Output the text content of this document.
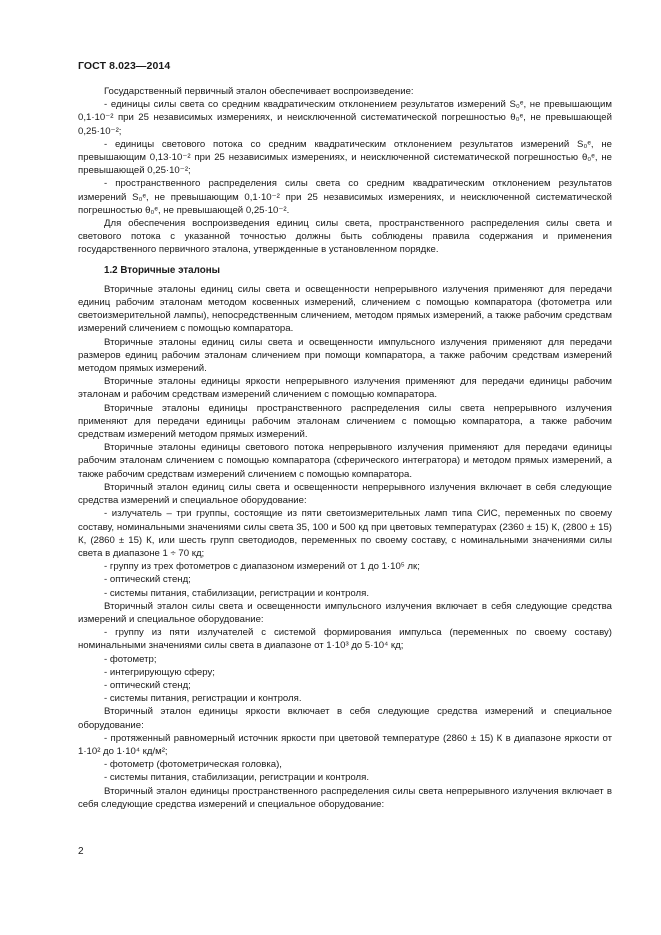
ГОСТ 8.023—2014

Государственный первичный эталон обеспечивает воспроизведение:

- единицы силы света со средним квадратическим отклонением результатов измерений S₀ᵉ, не превышающим 0,1·10⁻² при 25 независимых измерениях, и неисключенной систематической погрешностью θ₀ᵉ, не превышающей 0,25·10⁻²;

- единицы светового потока со средним квадратическим отклонением результатов измерений S₀ᵉ, не превышающим 0,13·10⁻² при 25 независимых измерениях, и неисключенной систематической погрешностью θ₀ᵉ, не превышающей 0,25·10⁻²;

- пространственного распределения силы света со средним квадратическим отклонением результатов измерений S₀ᵉ, не превышающим 0,1·10⁻² при 25 независимых измерениях, и неисключенной систематической погрешностью θ₀ᵉ, не превышающей 0,25·10⁻².

Для обеспечения воспроизведения единиц силы света, пространственного распределения силы света и светового потока с указанной точностью должны быть соблюдены правила содержания и применения государственного первичного эталона, утвержденные в установленном порядке.

1.2 Вторичные эталоны

Вторичные эталоны единиц силы света и освещенности непрерывного излучения применяют для передачи единиц рабочим эталонам методом косвенных измерений, сличением с помощью компаратора (фотометра или светоизмерительной лампы), непосредственным сличением, методом прямых измерений, а также рабочим средствам измерений сличением с помощью компаратора.

Вторичные эталоны единиц силы света и освещенности импульсного излучения применяют для передачи размеров единиц рабочим эталонам сличением при помощи компаратора, а также рабочим средствам измерений методом прямых измерений.

Вторичные эталоны единицы яркости непрерывного излучения применяют для передачи единицы рабочим эталонам и рабочим средствам измерений сличением с помощью компаратора.

Вторичные эталоны единицы пространственного распределения силы света непрерывного излучения применяют для передачи единицы рабочим эталонам сличением с помощью компаратора, а также рабочим средствам измерений методом прямых измерений.

Вторичные эталоны единицы светового потока непрерывного излучения применяют для передачи единицы рабочим эталонам сличением с помощью компаратора (сферического интегратора) и методом прямых измерений, а также рабочим средствам измерений сличением с помощью компаратора.

Вторичный эталон единиц силы света и освещенности непрерывного излучения включает в себя следующие средства измерений и специальное оборудование:

- излучатель – три группы, состоящие из пяти светоизмерительных ламп типа СИС, переменных по своему составу, номинальными значениями силы света 35, 100 и 500 кд при цветовых температурах (2360 ± 15) К, (2800 ± 15) К, (2860 ± 15) К, или шесть групп светодиодов, переменных по своему составу, с номинальными значениями силы света в диапазоне 1 ÷ 70 кд;

- группу из трех фотометров с диапазоном измерений от 1 до 1·10⁵ лк;

- оптический стенд;

- системы питания, стабилизации, регистрации и контроля.

Вторичный эталон силы света и освещенности импульсного излучения включает в себя следующие средства измерений и специальное оборудование:

- группу из пяти излучателей с системой формирования импульса (переменных по своему составу) номинальными значениями силы света в диапазоне от 1·10³ до 5·10⁴ кд;

- фотометр;

- интегрирующую сферу;

- оптический стенд;

- системы питания, регистрации и контроля.

Вторичный эталон единицы яркости включает в себя следующие средства измерений и специальное оборудование:

- протяженный равномерный источник яркости при цветовой температуре (2860 ± 15) К в диапазоне яркости от 1·10² до 1·10⁴ кд/м²;

- фотометр (фотометрическая головка),

- системы питания, стабилизации, регистрации и контроля.

Вторичный эталон единицы пространственного распределения силы света непрерывного излучения включает в себя следующие средства измерений и специальное оборудование:

2
